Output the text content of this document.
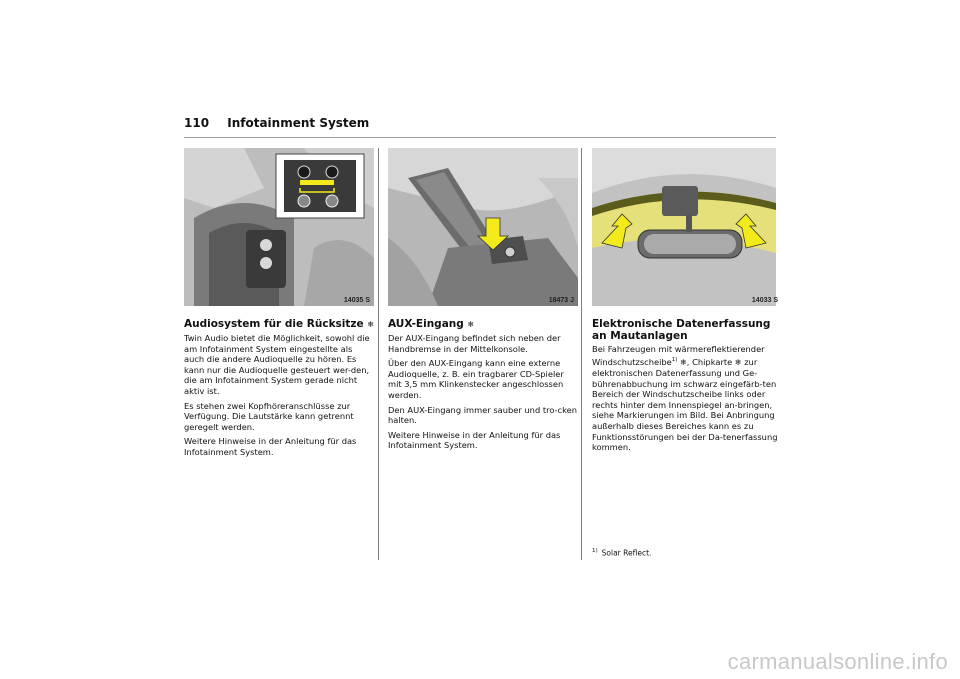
110 Infotainment System
14035 S
Audiosystem für die Rücksitze ❄

Twin Audio bietet die Möglichkeit, sowohl die am Infotainment System eingestellte als auch die andere Audioquelle zu hören. Es kann nur die Audioquelle gesteuert wer-den, die am Infotainment System gerade nicht aktiv ist.

Es stehen zwei Kopfhöreranschlüsse zur Verfügung. Die Lautstärke kann getrennt geregelt werden.

Weitere Hinweise in der Anleitung für das Infotainment System.

18473 J
AUX-Eingang ❄

Der AUX-Eingang befindet sich neben der Handbremse in der Mittelkonsole.

Über den AUX-Eingang kann eine externe Audioquelle, z. B. ein tragbarer CD-Spieler mit 3,5 mm Klinkenstecker angeschlossen werden.

Den AUX-Eingang immer sauber und tro-cken halten.

Weitere Hinweise in der Anleitung für das Infotainment System.

14033 S
Elektronische Datenerfassung an Mautanlagen

Bei Fahrzeugen mit wärmereflektierender Windschutzscheibe$^{1)}$ ❄, Chipkarte ❄ zur elektronischen Datenerfassung und Ge-bührenabbuchung im schwarz eingefärb-ten Bereich der Windschutzscheibe links oder rechts hinter dem Innenspiegel an-bringen, siehe Markierungen im Bild. Bei Anbringung außerhalb dieses Bereiches kann es zu Funktionsstörungen bei der Da-tenerfassung kommen.

$^{1)}$ Solar Reflect.
carmanualsonline.info
